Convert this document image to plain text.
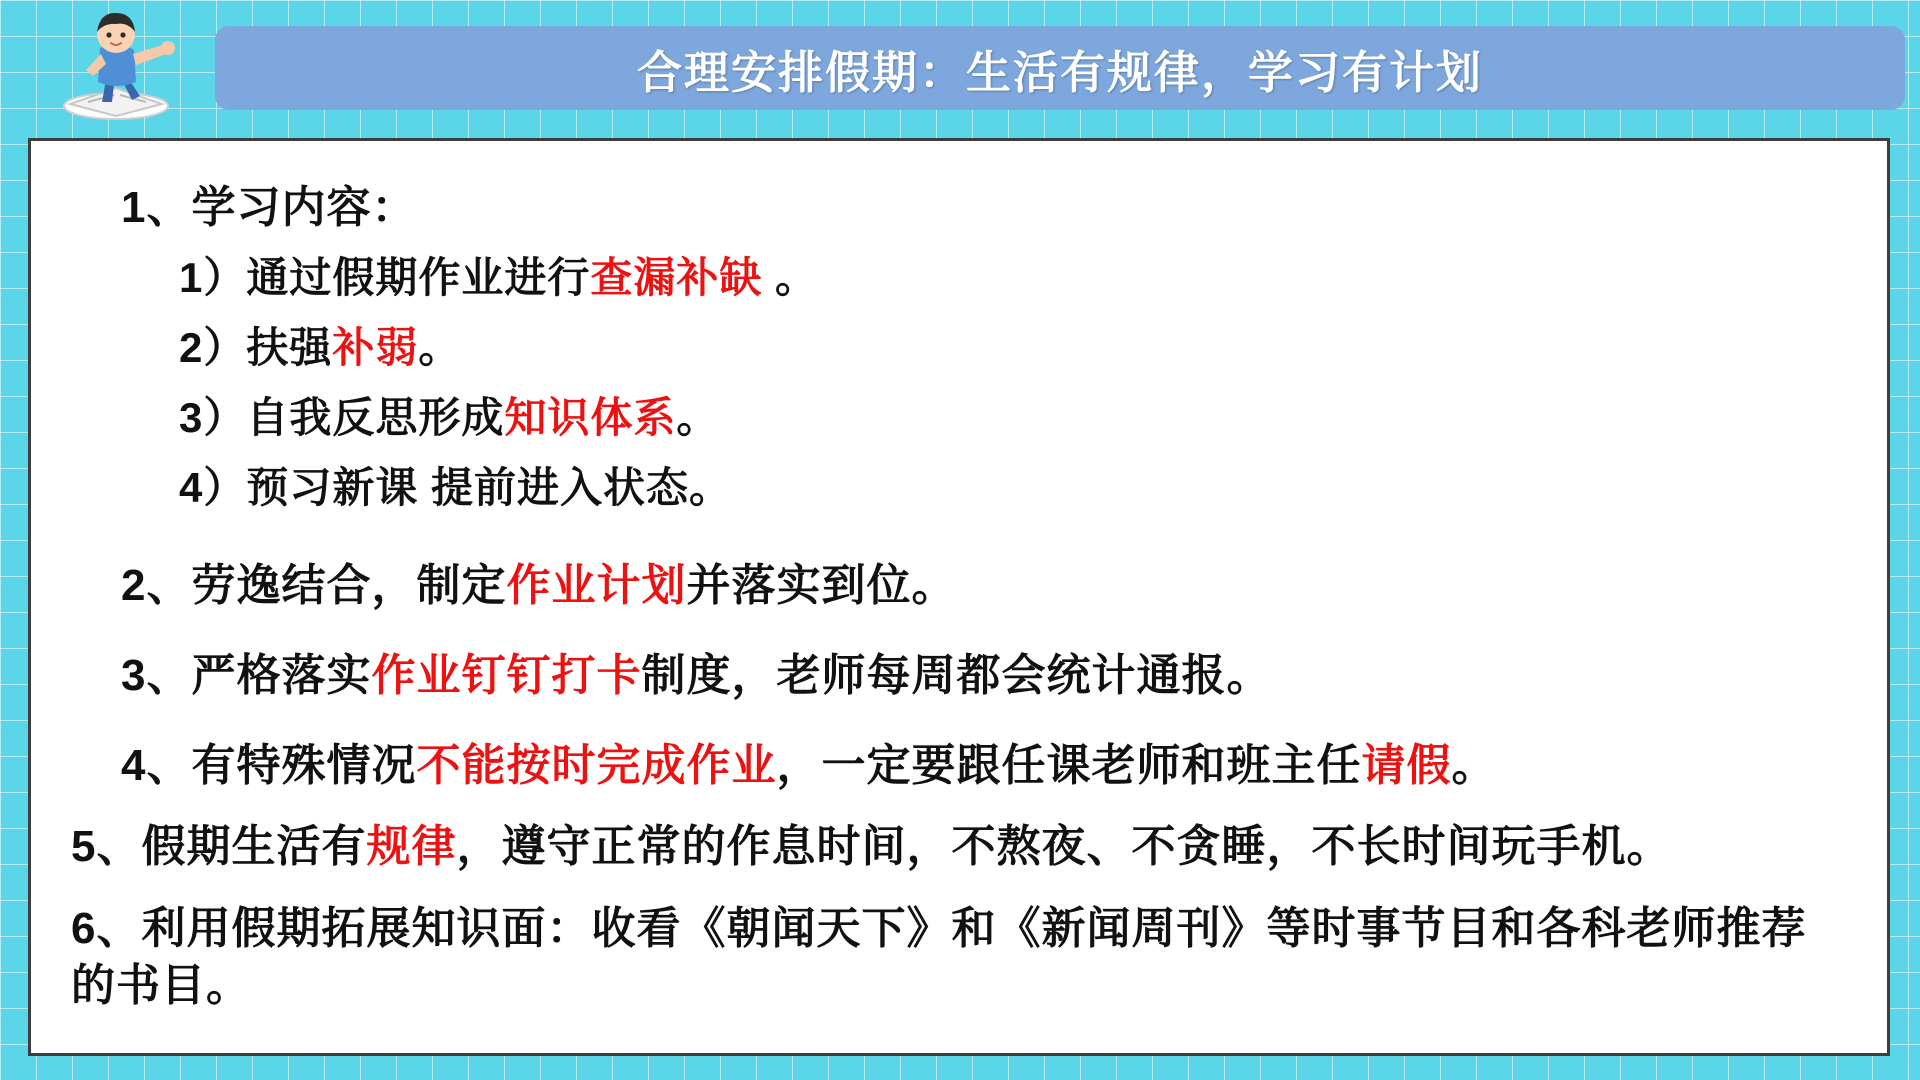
合理安排假期：生活有规律，学习有计划
1、学习内容：
1）通过假期作业进行查漏补缺 。
2）扶强补弱。
3）自我反思形成知识体系。
4）预习新课 提前进入状态。
2、劳逸结合，制定作业计划并落实到位。
3、严格落实作业钉钉打卡制度，老师每周都会统计通报。
4、有特殊情况不能按时完成作业，一定要跟任课老师和班主任请假。
5、假期生活有规律，遵守正常的作息时间，不熬夜、不贪睡，不长时间玩手机。
6、利用假期拓展知识面：收看《朝闻天下》和《新闻周刊》等时事节目和各科老师推荐的书目。
